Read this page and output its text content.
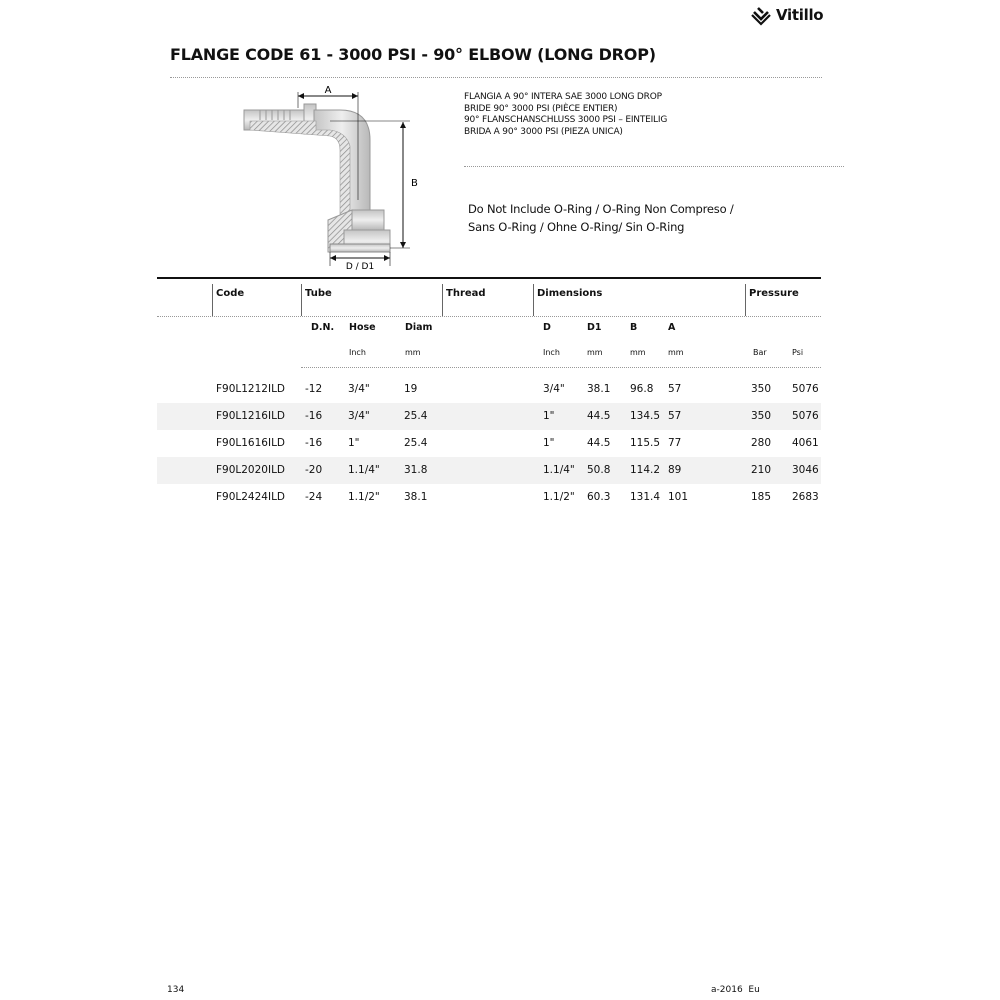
Vitillo
FLANGE CODE 61 - 3000 PSI - 90° ELBOW (LONG DROP)
A
B
D / D1
FLANGIA A 90° INTERA SAE 3000 LONG DROP
BRIDE 90° 3000 PSI (PIÈCE ENTIER)
90° FLANSCHANSCHLUSS 3000 PSI – EINTEILIG
BRIDA A 90° 3000 PSI (PIEZA UNICA)
Do Not Include O-Ring / O-Ring Non Compreso /
Sans O-Ring / Ohne O-Ring/ Sin O-Ring
Code	Tube	Thread	Dimensions	Pressure
D.N. Hose	Diam	D	D1	B	A
Inch	mm	Inch	mm	mm	mm	Bar	Psi
F90L1212ILD -12 3/4"	19	3/4" 38.1 96.8 57	350 5076
F90L1216ILD -16 3/4"	25.4	1"	44.5 134.5 57	350 5076
F90L1616ILD -16 1"	25.4	1"	44.5 115.5 77	280 4061
F90L2020ILD -20 1.1/4" 31.8	1.1/4" 50.8 114.2 89	210 3046
F90L2424ILD -24 1.1/2" 38.1	1.1/2" 60.3 131.4 101	185 2683
134	a-2016  Eu
